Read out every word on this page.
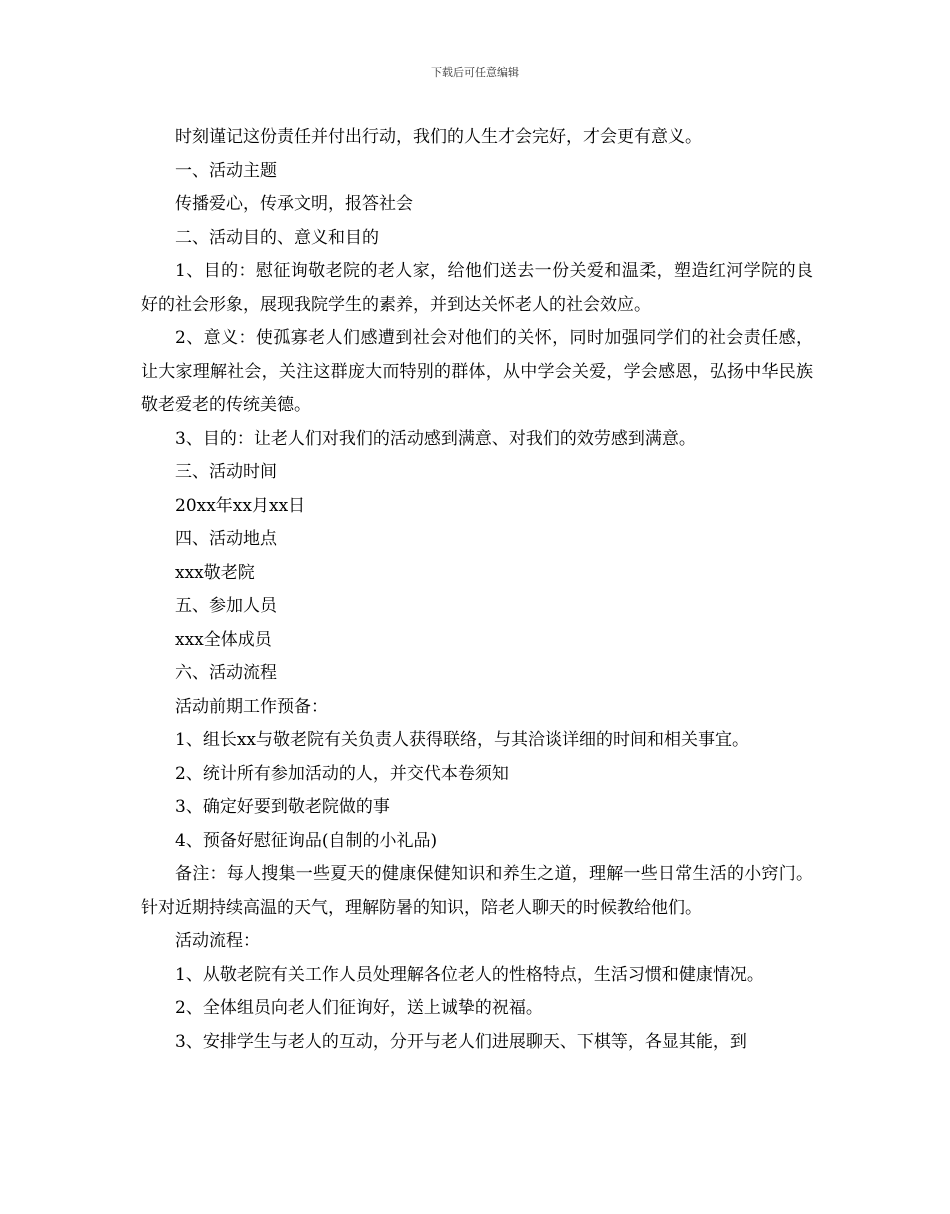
下载后可任意编辑

时刻谨记这份责任并付出行动，我们的人生才会完好，才会更有意义。

一、活动主题

传播爱心，传承文明，报答社会

二、活动目的、意义和目的

1、目的：慰征询敬老院的老人家，给他们送去一份关爱和温柔，塑造红河学院的良好的社会形象，展现我院学生的素养，并到达关怀老人的社会效应。

2、意义：使孤寡老人们感遭到社会对他们的关怀，同时加强同学们的社会责任感，让大家理解社会，关注这群庞大而特别的群体，从中学会关爱，学会感恩，弘扬中华民族敬老爱老的传统美德。

3、目的：让老人们对我们的活动感到满意、对我们的效劳感到满意。

三、活动时间

20xx年xx月xx日

四、活动地点

xxx敬老院

五、参加人员

xxx全体成员

六、活动流程

活动前期工作预备：

1、组长xx与敬老院有关负责人获得联络，与其洽谈详细的时间和相关事宜。

2、统计所有参加活动的人，并交代本卷须知

3、确定好要到敬老院做的事

4、预备好慰征询品(自制的小礼品)

备注：每人搜集一些夏天的健康保健知识和养生之道，理解一些日常生活的小窍门。针对近期持续高温的天气，理解防暑的知识，陪老人聊天的时候教给他们。

活动流程：

1、从敬老院有关工作人员处理解各位老人的性格特点，生活习惯和健康情况。

2、全体组员向老人们征询好，送上诚挚的祝福。

3、安排学生与老人的互动，分开与老人们进展聊天、下棋等，各显其能，到
